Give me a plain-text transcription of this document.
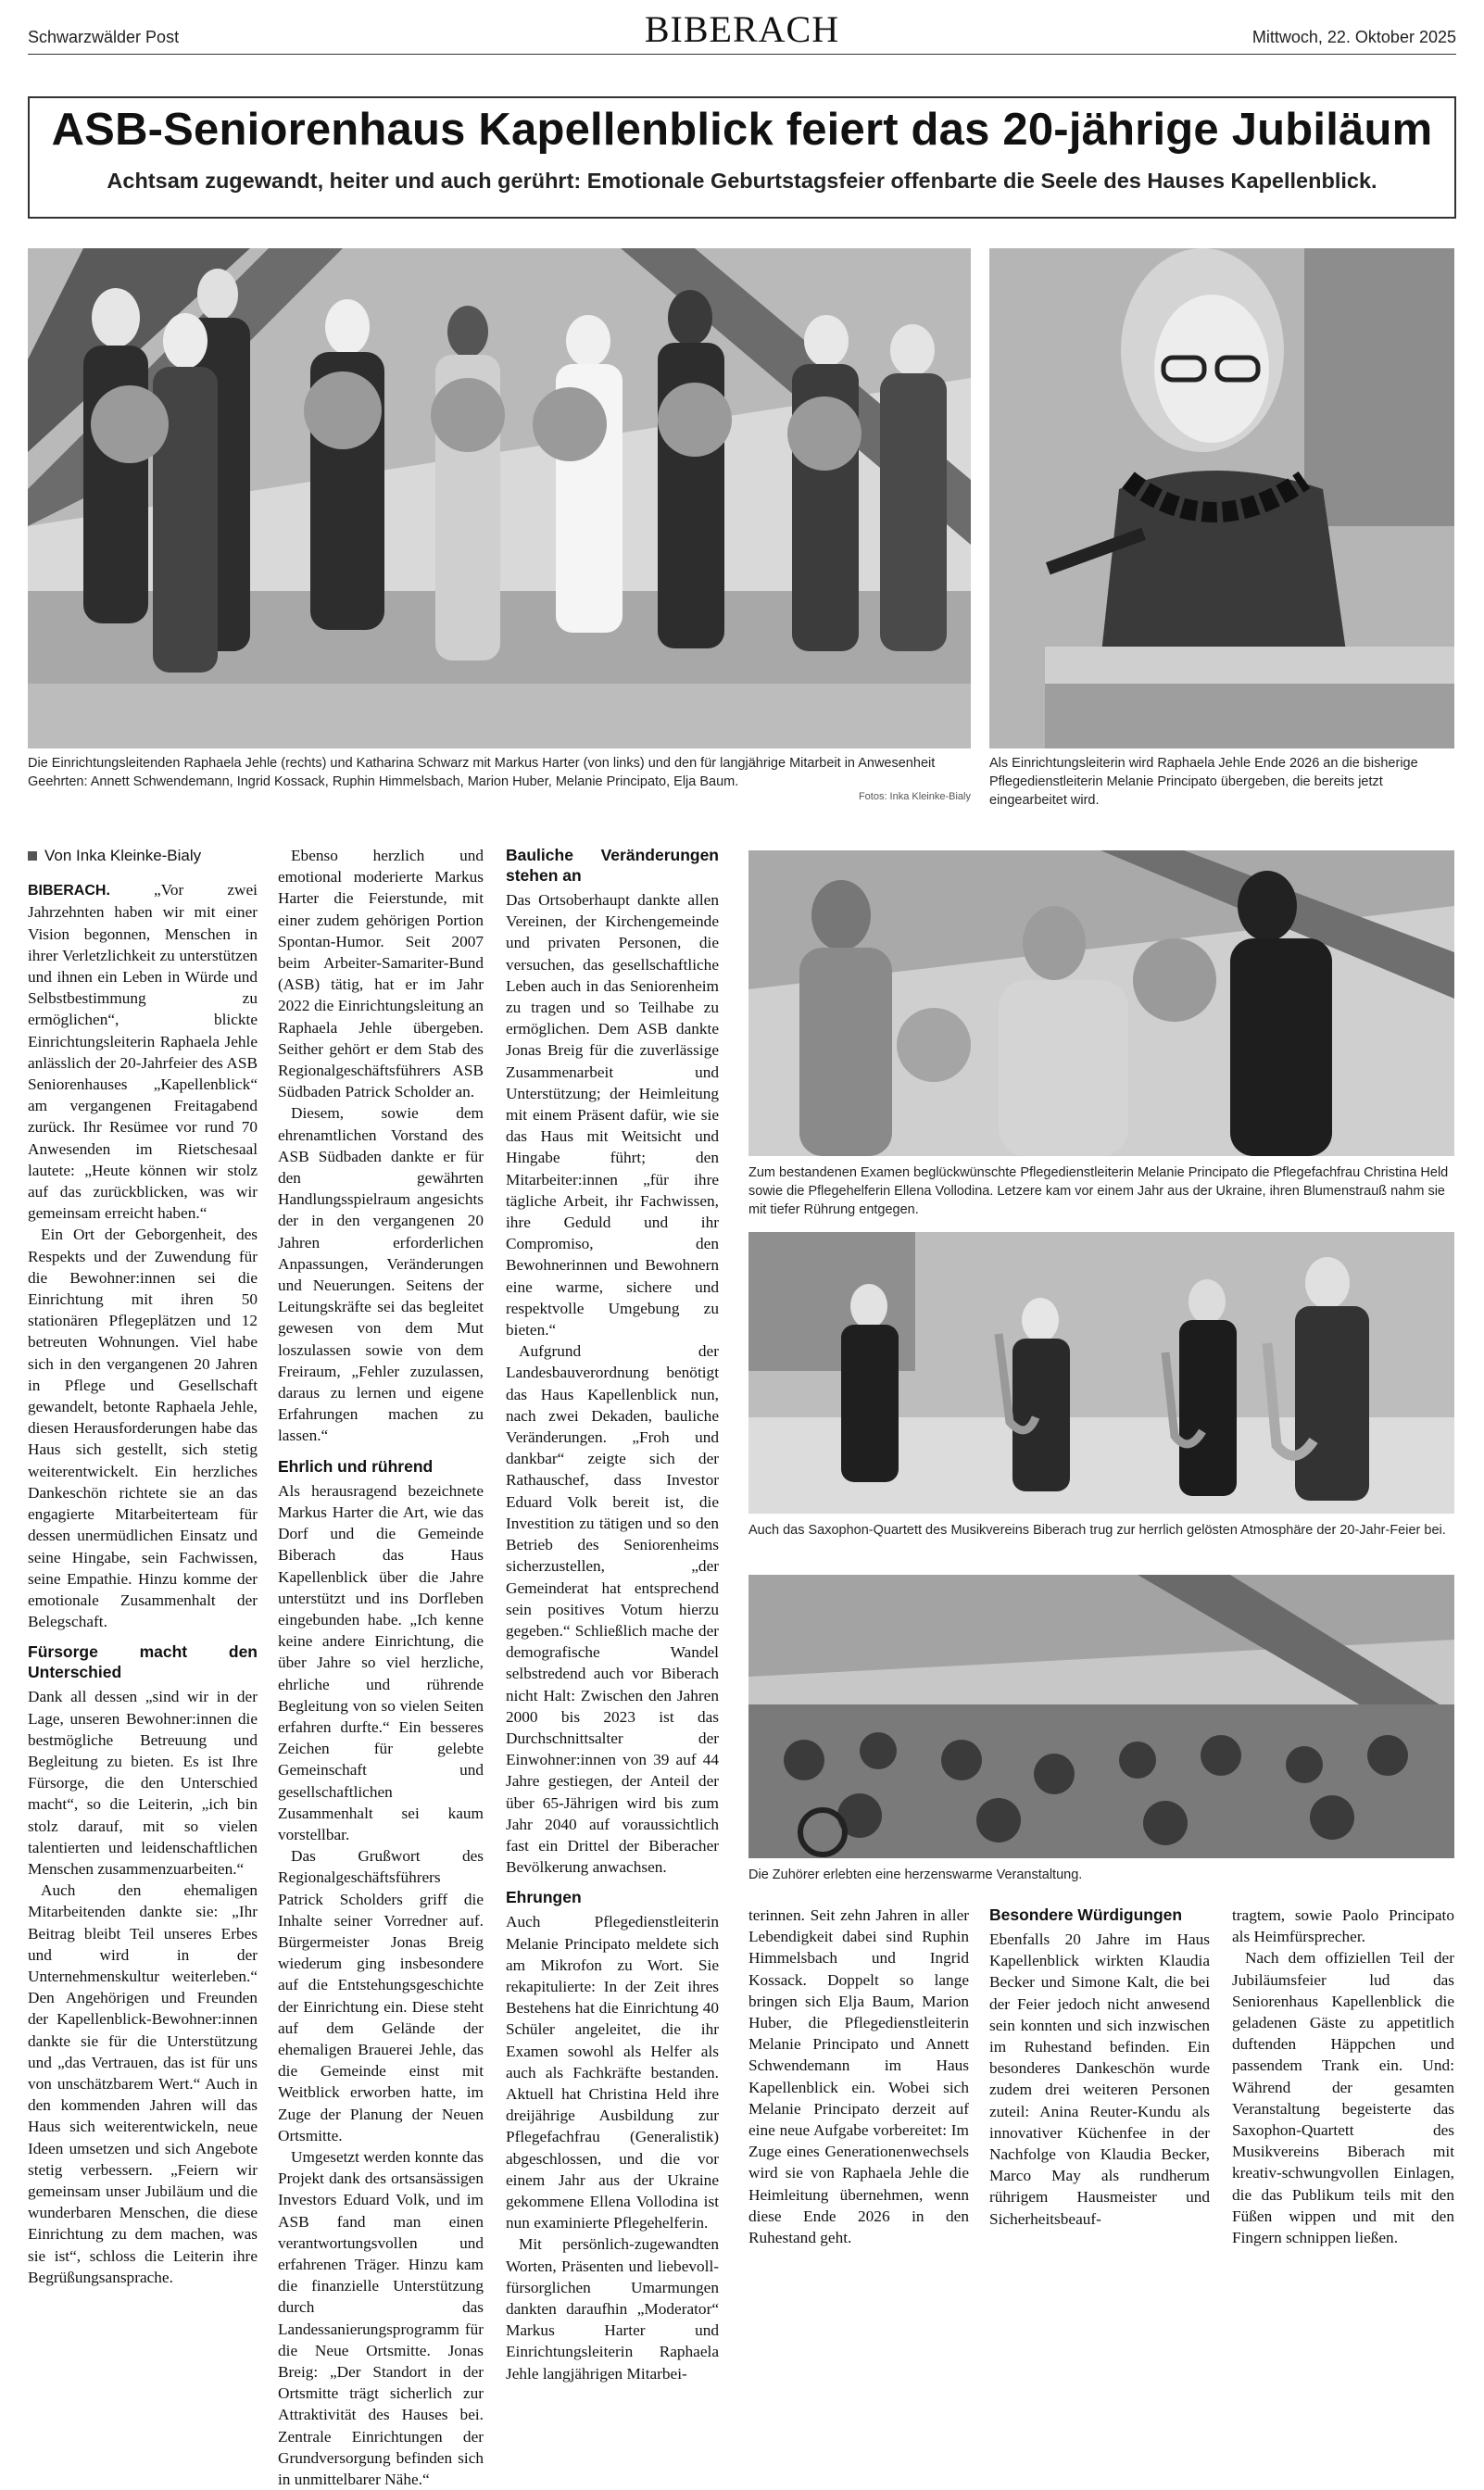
Schwarzwälder Post	BIBERACH	Mittwoch, 22. Oktober 2025
ASB-Seniorenhaus Kapellenblick feiert das 20-jährige Jubiläum
Achtsam zugewandt, heiter und auch gerührt: Emotionale Geburtstagsfeier offenbarte die Seele des Hauses Kapellenblick.
Die Einrichtungsleitenden Raphaela Jehle (rechts) und Katharina Schwarz mit Markus Harter (von links) und den für langjährige Mitarbeit in Anwesenheit Geehrten: Annett Schwendemann, Ingrid Kossack, Ruphin Himmelsbach, Marion Huber, Melanie Principato, Elja Baum.
Fotos: Inka Kleinke-Bialy
Als Einrichtungsleiterin wird Raphaela Jehle Ende 2026 an die bisherige Pflegedienstleiterin Melanie Principato übergeben, die bereits jetzt eingearbeitet wird.
Von Inka Kleinke-Bialy

BIBERACH. „Vor zwei Jahrzehnten haben wir mit einer Vision begonnen, Menschen in ihrer Verletzlichkeit zu unterstützen und ihnen ein Leben in Würde und Selbstbestimmung zu ermöglichen“, blickte Einrichtungsleiterin Raphaela Jehle anlässlich der 20-Jahrfeier des ASB Seniorenhauses „Kapellenblick“ am vergangenen Freitagabend zurück. Ihr Resümee vor rund 70 Anwesenden im Rietschesaal lautete: „Heute können wir stolz auf das zurückblicken, was wir gemeinsam erreicht haben.“

Ein Ort der Geborgenheit, des Respekts und der Zuwendung für die Bewohner:innen sei die Einrichtung mit ihren 50 stationären Pflegeplätzen und 12 betreuten Wohnungen. Viel habe sich in den vergangenen 20 Jahren in Pflege und Gesellschaft gewandelt, betonte Raphaela Jehle, diesen Herausforderungen habe das Haus sich gestellt, sich stetig weiterentwickelt. Ein herzliches Dankeschön richtete sie an das engagierte Mitarbeiterteam für dessen unermüdlichen Einsatz und seine Hingabe, sein Fachwissen, seine Empathie. Hinzu komme der emotionale Zusammenhalt der Belegschaft.

Fürsorge macht den Unterschied

Dank all dessen „sind wir in der Lage, unseren Bewohner:innen die bestmögliche Betreuung und Begleitung zu bieten. Es ist Ihre Fürsorge, die den Unterschied macht“, so die Leiterin, „ich bin stolz darauf, mit so vielen talentierten und leidenschaftlichen Menschen zusammenzuarbeiten.“

Auch den ehemaligen Mitarbeitenden dankte sie: „Ihr Beitrag bleibt Teil unseres Erbes und wird in der Unternehmenskultur weiterleben.“ Den Angehörigen und Freunden der Kapellenblick-Bewohner:innen dankte sie für die Unterstützung und „das Vertrauen, das ist für uns von unschätzbarem Wert.“ Auch in den kommenden Jahren will das Haus sich weiterentwickeln, neue Ideen umsetzen und sich Angebote stetig verbessern. „Feiern wir gemeinsam unser Jubiläum und die wunderbaren Menschen, die diese Einrichtung zu dem machen, was sie ist“, schloss die Leiterin ihre Begrüßungsansprache.

Ebenso herzlich und emotional moderierte Markus Harter die Feierstunde, mit einer zudem gehörigen Portion Spontan-Humor. Seit 2007 beim Arbeiter-Samariter-Bund (ASB) tätig, hat er im Jahr 2022 die Einrichtungsleitung an Raphaela Jehle übergeben. Seither gehört er dem Stab des Regionalgeschäftsführers ASB Südbaden Patrick Scholder an.

Diesem, sowie dem ehrenamtlichen Vorstand des ASB Südbaden dankte er für den gewährten Handlungsspielraum angesichts der in den vergangenen 20 Jahren erforderlichen Anpassungen, Veränderungen und Neuerungen. Seitens der Leitungskräfte sei das begleitet gewesen von dem Mut loszulassen sowie von dem Freiraum, „Fehler zuzulassen, daraus zu lernen und eigene Erfahrungen machen zu lassen.“

Ehrlich und rührend

Als herausragend bezeichnete Markus Harter die Art, wie das Dorf und die Gemeinde Biberach das Haus Kapellenblick über die Jahre unterstützt und ins Dorfleben eingebunden habe. „Ich kenne keine andere Einrichtung, die über Jahre so viel herzliche, ehrliche und rührende Begleitung von so vielen Seiten erfahren durfte.“ Ein besseres Zeichen für gelebte Gemeinschaft und gesellschaftlichen Zusammenhalt sei kaum vorstellbar.

Das Grußwort des Regionalgeschäftsführers Patrick Scholders griff die Inhalte seiner Vorredner auf. Bürgermeister Jonas Breig wiederum ging insbesondere auf die Entstehungsgeschichte der Einrichtung ein. Diese steht auf dem Gelände der ehemaligen Brauerei Jehle, das die Gemeinde einst mit Weitblick erworben hatte, im Zuge der Planung der Neuen Ortsmitte.

Umgesetzt werden konnte das Projekt dank des ortsansässigen Investors Eduard Volk, und im ASB fand man einen verantwortungsvollen und erfahrenen Träger. Hinzu kam die finanzielle Unterstützung durch das Landessanierungsprogramm für die Neue Ortsmitte. Jonas Breig: „Der Standort in der Ortsmitte trägt sicherlich zur Attraktivität des Hauses bei. Zentrale Einrichtungen der Grundversorgung befinden sich in unmittelbarer Nähe.“

Bauliche Veränderungen stehen an

Das Ortsoberhaupt dankte allen Vereinen, der Kirchengemeinde und privaten Personen, die versuchen, das gesellschaftliche Leben auch in das Seniorenheim zu tragen und so Teilhabe zu ermöglichen. Dem ASB dankte Jonas Breig für die zuverlässige Zusammenarbeit und Unterstützung; der Heimleitung mit einem Präsent dafür, wie sie das Haus mit Weitsicht und Hingabe führt; den Mitarbeiter:innen „für ihre tägliche Arbeit, ihr Fachwissen, ihre Geduld und ihr Compromiso, den Bewohnerinnen und Bewohnern eine warme, sichere und respektvolle Umgebung zu bieten.“

Aufgrund der Landesbauverordnung benötigt das Haus Kapellenblick nun, nach zwei Dekaden, bauliche Veränderungen. „Froh und dankbar“ zeigte sich der Rathauschef, dass Investor Eduard Volk bereit ist, die Investition zu tätigen und so den Betrieb des Seniorenheims sicherzustellen, „der Gemeinderat hat entsprechend sein positives Votum hierzu gegeben.“ Schließlich mache der demografische Wandel selbstredend auch vor Biberach nicht Halt: Zwischen den Jahren 2000 bis 2023 ist das Durchschnittsalter der Einwohner:innen von 39 auf 44 Jahre gestiegen, der Anteil der über 65-Jährigen wird bis zum Jahr 2040 auf voraussichtlich fast ein Drittel der Biberacher Bevölkerung anwachsen.

Ehrungen

Auch Pflegedienstleiterin Melanie Principato meldete sich am Mikrofon zu Wort. Sie rekapitulierte: In der Zeit ihres Bestehens hat die Einrichtung 40 Schüler angeleitet, die ihr Examen sowohl als Helfer als auch als Fachkräfte bestanden. Aktuell hat Christina Held ihre dreijährige Ausbildung zur Pflegefachfrau (Generalistik) abgeschlossen, und die vor einem Jahr aus der Ukraine gekommene Ellena Vollodina ist nun examinierte Pflegehelferin.

Mit persönlich-zugewandten Worten, Präsenten und liebevoll-fürsorglichen Umarmungen dankten daraufhin „Moderator“ Markus Harter und Einrichtungsleiterin Raphaela Jehle langjährigen Mitarbei-

Zum bestandenen Examen beglückwünschte Pflegedienstleiterin Melanie Principato die Pflegefachfrau Christina Held sowie die Pflegehelferin Ellena Vollodina. Letzere kam vor einem Jahr aus der Ukraine, ihren Blumenstrauß nahm sie mit tiefer Rührung entgegen.
Auch das Saxophon-Quartett des Musikvereins Biberach trug zur herrlich gelösten Atmosphäre der 20-Jahr-Feier bei.
Die Zuhörer erlebten eine herzenswarme Veranstaltung.

terinnen. Seit zehn Jahren in aller Lebendigkeit dabei sind Ruphin Himmelsbach und Ingrid Kossack. Doppelt so lange bringen sich Elja Baum, Marion Huber, die Pflegedienstleiterin Melanie Principato und Annett Schwendemann im Haus Kapellenblick ein. Wobei sich Melanie Principato derzeit auf eine neue Aufgabe vorbereitet: Im Zuge eines Generationenwechsels wird sie von Raphaela Jehle die Heimleitung übernehmen, wenn diese Ende 2026 in den Ruhestand geht.

Besondere Würdigungen

Ebenfalls 20 Jahre im Haus Kapellenblick wirkten Klaudia Becker und Simone Kalt, die bei der Feier jedoch nicht anwesend sein konnten und sich inzwischen im Ruhestand befinden. Ein besonderes Dankeschön wurde zudem drei weiteren Personen zuteil: Anina Reuter-Kundu als innovativer Küchenfee in der Nachfolge von Klaudia Becker, Marco May als rundherum rührigem Hausmeister und Sicherheitsbeauf-

tragtem, sowie Paolo Principato als Heimfürsprecher.

Nach dem offiziellen Teil der Jubiläumsfeier lud das Seniorenhaus Kapellenblick die geladenen Gäste zu appetitlich duftenden Häppchen und passendem Trank ein. Und: Während der gesamten Veranstaltung begeisterte das Saxophon-Quartett des Musikvereins Biberach mit kreativ-schwungvollen Einlagen, die das Publikum teils mit den Füßen wippen und mit den Fingern schnippen ließen.
